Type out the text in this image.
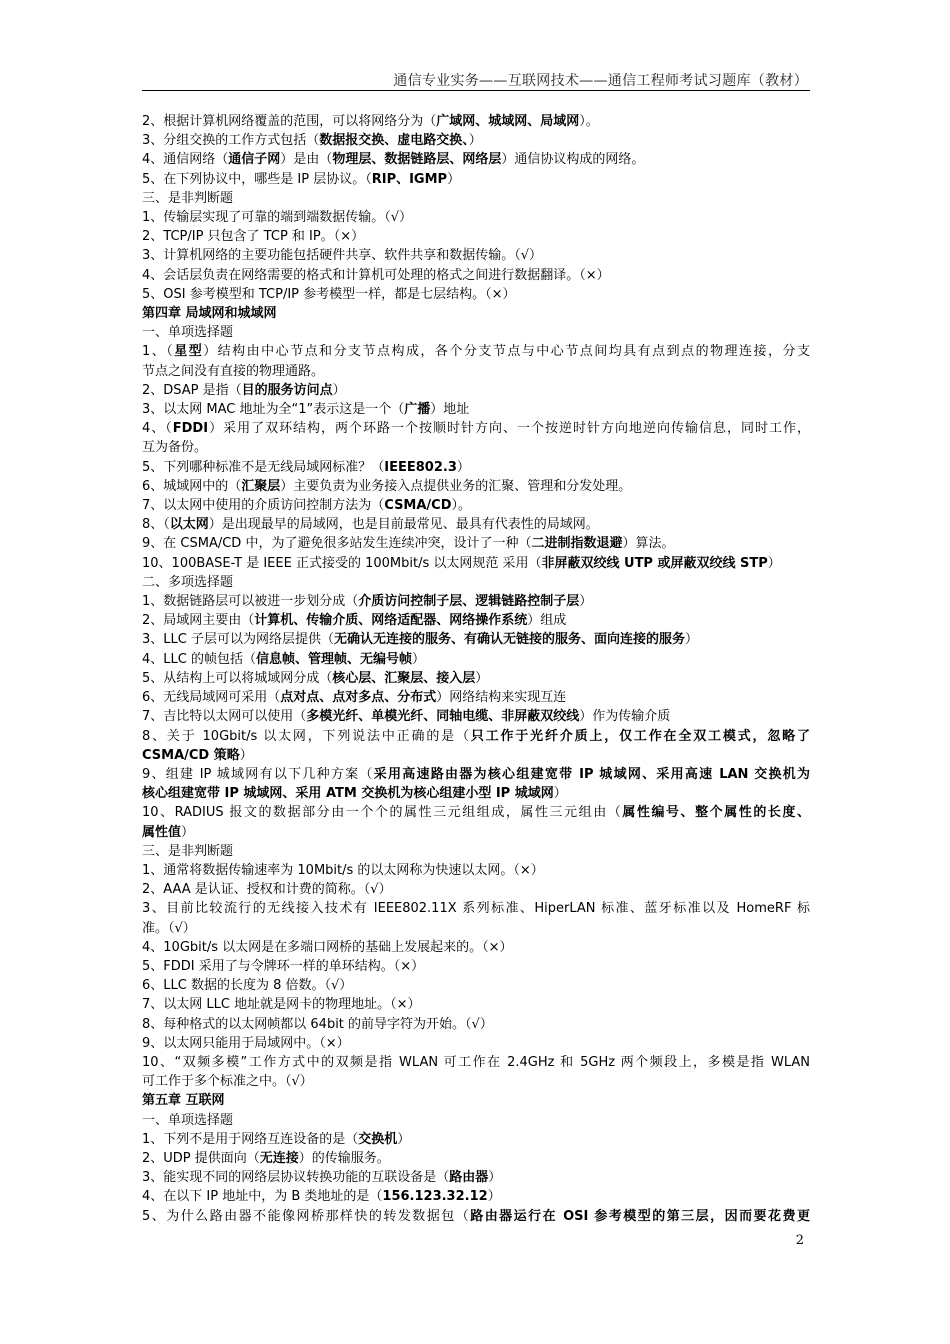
通信专业实务——互联网技术——通信工程师考试习题库（教材）
2、根据计算机网络覆盖的范围，可以将网络分为（广域网、城域网、局域网）。
3、分组交换的工作方式包括（数据报交换、虚电路交换、）
4、通信网络（通信子网）是由（物理层、数据链路层、网络层）通信协议构成的网络。
5、在下列协议中，哪些是 IP 层协议。（RIP、IGMP）
三、是非判断题
1、传输层实现了可靠的端到端数据传输。（√）
2、TCP/IP 只包含了 TCP 和 IP。（×）
3、计算机网络的主要功能包括硬件共享、软件共享和数据传输。（√）
4、会话层负责在网络需要的格式和计算机可处理的格式之间进行数据翻译。（×）
5、OSI 参考模型和 TCP/IP 参考模型一样，都是七层结构。（×）
第四章 局域网和城域网
一、单项选择题
1、（星型）结构由中心节点和分支节点构成，各个分支节点与中心节点间均具有点到点的物理连接，分支
节点之间没有直接的物理通路。
2、DSAP 是指（目的服务访问点）
3、以太网 MAC 地址为全“1”表示这是一个（广播）地址
4、（FDDI）采用了双环结构，两个环路一个按顺时针方向、一个按逆时针方向地逆向传输信息，同时工作，
互为备份。
5、下列哪种标准不是无线局域网标准？（IEEE802.3）
6、城域网中的（汇聚层）主要负责为业务接入点提供业务的汇聚、管理和分发处理。
7、以太网中使用的介质访问控制方法为（CSMA/CD）。
8、（以太网）是出现最早的局域网，也是目前最常见、最具有代表性的局域网。
9、在 CSMA/CD 中，为了避免很多站发生连续冲突，设计了一种（二进制指数退避）算法。
10、100BASE-T 是 IEEE 正式接受的 100Mbit/s 以太网规范 采用（非屏蔽双绞线 UTP 或屏蔽双绞线 STP）
二、多项选择题
1、数据链路层可以被进一步划分成（介质访问控制子层、逻辑链路控制子层）
2、局域网主要由（计算机、传输介质、网络适配器、网络操作系统）组成
3、LLC 子层可以为网络层提供（无确认无连接的服务、有确认无链接的服务、面向连接的服务）
4、LLC 的帧包括（信息帧、管理帧、无编号帧）
5、从结构上可以将城域网分成（核心层、汇聚层、接入层）
6、无线局域网可采用（点对点、点对多点、分布式）网络结构来实现互连
7、吉比特以太网可以使用（多模光纤、单模光纤、同轴电缆、非屏蔽双绞线）作为传输介质
8、关于 10Gbit/s 以太网，下列说法中正确的是（只工作于光纤介质上，仅工作在全双工模式，忽略了
CSMA/CD 策略）
9、组建 IP 城域网有以下几种方案（采用高速路由器为核心组建宽带 IP 城域网、采用高速 LAN 交换机为
核心组建宽带 IP 城域网、采用 ATM 交换机为核心组建小型 IP 城域网）
10、RADIUS 报文的数据部分由一个个的属性三元组组成，属性三元组由（属性编号、整个属性的长度、
属性值）
三、是非判断题
1、通常将数据传输速率为 10Mbit/s 的以太网称为快速以太网。（×）
2、AAA 是认证、授权和计费的简称。（√）
3、目前比较流行的无线接入技术有 IEEE802.11X 系列标准、HiperLAN 标准、蓝牙标准以及 HomeRF 标
准。（√）
4、10Gbit/s 以太网是在多端口网桥的基础上发展起来的。（×）
5、FDDI 采用了与令牌环一样的单环结构。（×）
6、LLC 数据的长度为 8 倍数。（√）
7、以太网 LLC 地址就是网卡的物理地址。（×）
8、每种格式的以太网帧都以 64bit 的前导字符为开始。（√）
9、以太网只能用于局域网中。（×）
10、“双频多模”工作方式中的双频是指 WLAN 可工作在 2.4GHz 和 5GHz 两个频段上，多模是指 WLAN
可工作于多个标准之中。（√）
第五章 互联网
一、单项选择题
1、下列不是用于网络互连设备的是（交换机）
2、UDP 提供面向（无连接）的传输服务。
3、能实现不同的网络层协议转换功能的互联设备是（路由器）
4、在以下 IP 地址中，为 B 类地址的是（156.123.32.12）
5、为什么路由器不能像网桥那样快的转发数据包（路由器运行在 OSI 参考模型的第三层，因而要花费更
2
